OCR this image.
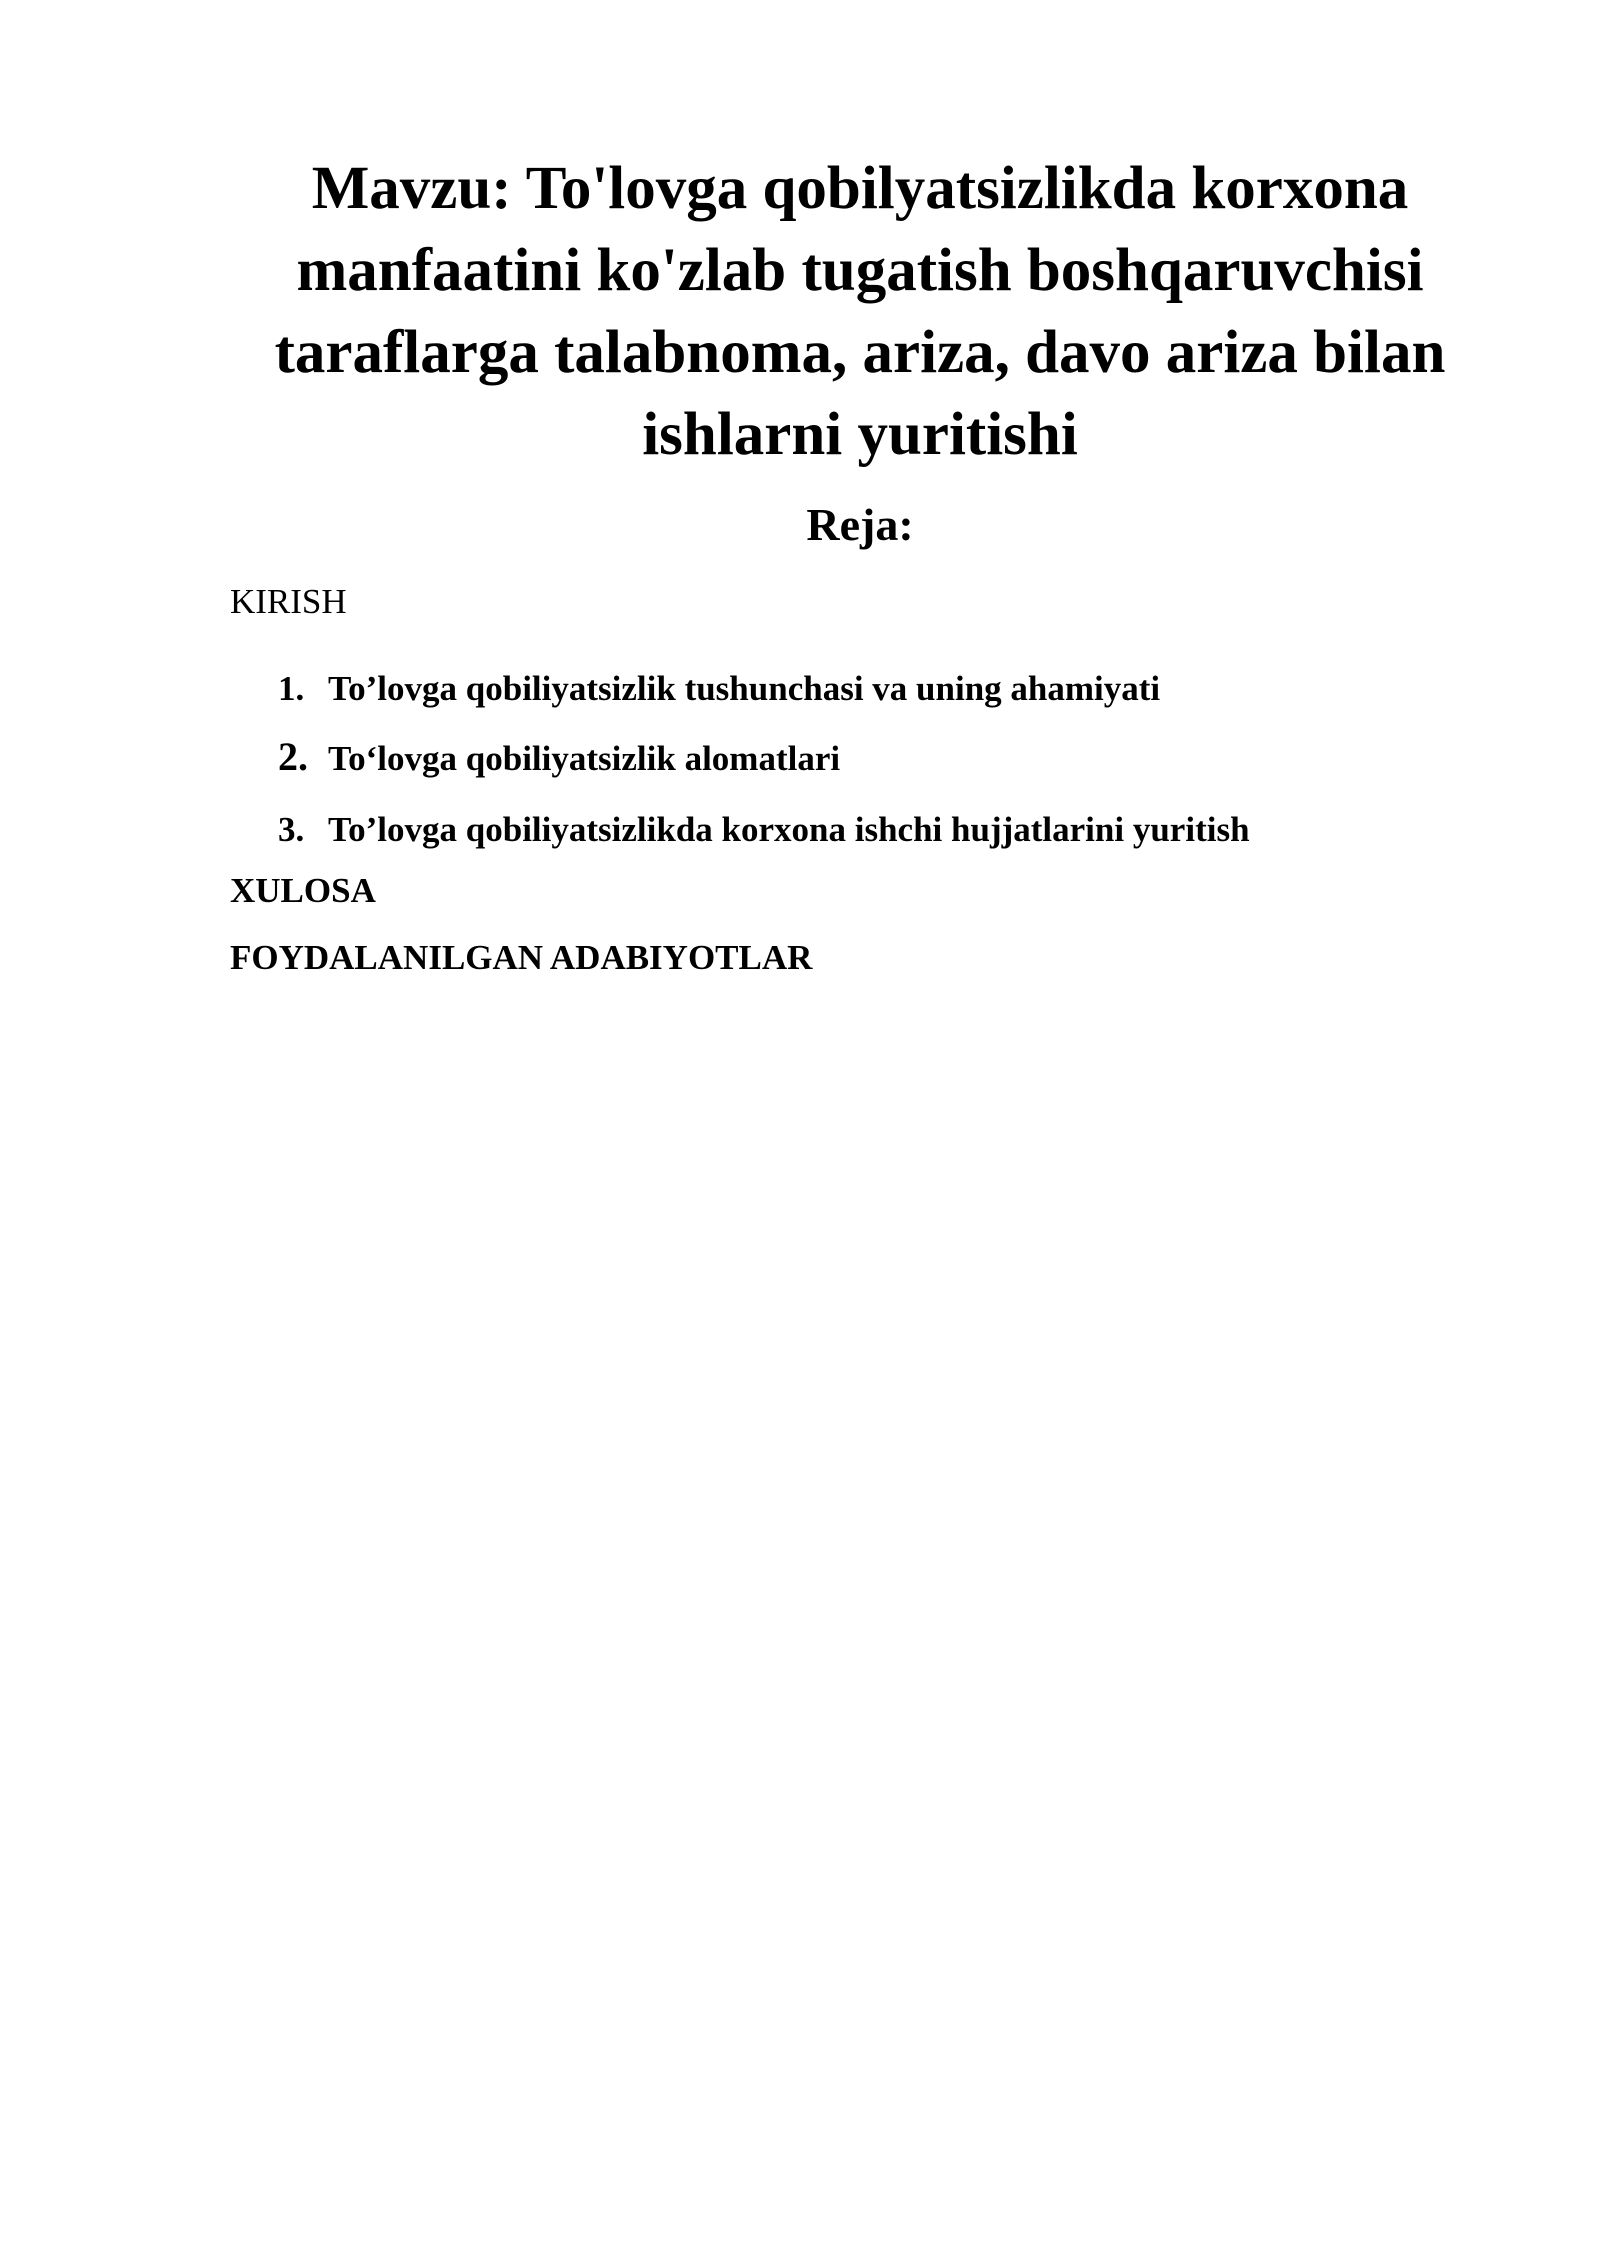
Mavzu: To'lovga qobilyatsizlikda korxona manfaatini ko'zlab tugatish boshqaruvchisi taraflarga talabnoma, ariza, davo ariza bilan ishlarni yuritishi
Reja:

KIRISH

1. To’lovga qobiliyatsizlik tushunchasi va uning ahamiyati
2. To‘lovga qobiliyatsizlik alomatlari
3. To’lovga qobiliyatsizlikda korxona ishchi hujjatlarini yuritish

XULOSA

FOYDALANILGAN ADABIYOTLAR
